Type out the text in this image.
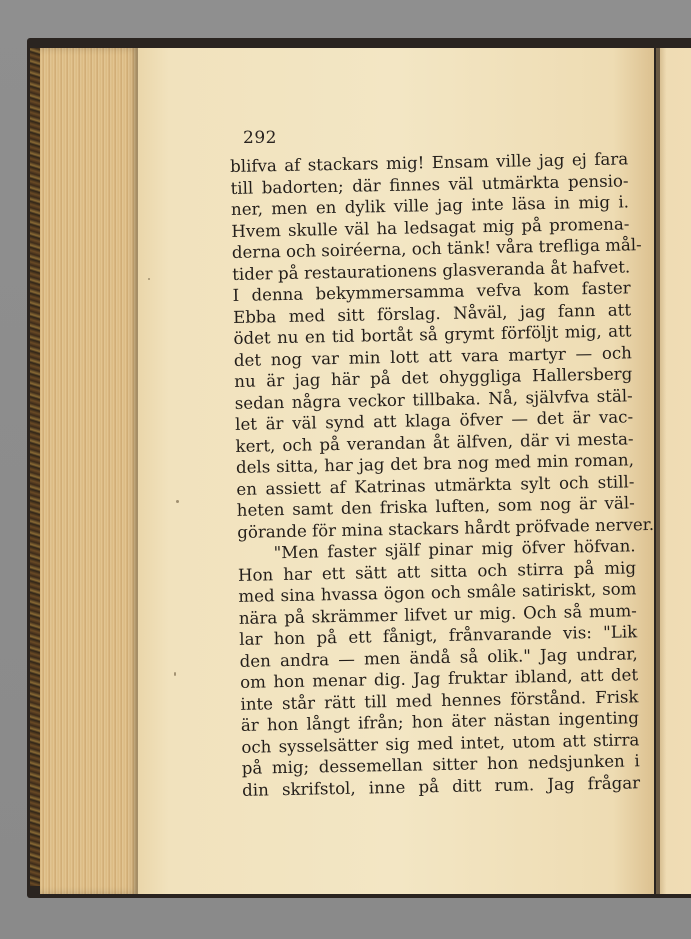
292
blifva af stackars mig! Ensam ville jag ej fara
till badorten; där finnes väl utmärkta pensio-
ner, men en dylik ville jag inte läsa in mig i.
Hvem skulle väl ha ledsagat mig på promena-
derna och soiréerna, och tänk! våra trefliga mål-
tider på restaurationens glasveranda åt hafvet.
I denna bekymmersamma vefva kom faster
Ebba med sitt förslag. Nåväl, jag fann att
ödet nu en tid bortåt så grymt förföljt mig, att
det nog var min lott att vara martyr — och
nu är jag här på det ohyggliga Hallersberg
sedan några veckor tillbaka. Nå, självfva stäl-
let är väl synd att klaga öfver — det är vac-
kert, och på verandan åt älfven, där vi mesta-
dels sitta, har jag det bra nog med min roman,
en assiett af Katrinas utmärkta sylt och still-
heten samt den friska luften, som nog är väl-
görande för mina stackars hårdt pröfvade nerver.
"Men faster själf pinar mig öfver höfvan.
Hon har ett sätt att sitta och stirra på mig
med sina hvassa ögon och smâle satiriskt, som
nära på skrämmer lifvet ur mig. Och så mum-
lar hon på ett fånigt, frånvarande vis: "Lik
den andra — men ändå så olik." Jag undrar,
om hon menar dig. Jag fruktar ibland, att det
inte står rätt till med hennes förstånd. Frisk
är hon långt ifrån; hon äter nästan ingenting
och sysselsätter sig med intet, utom att stirra
på mig; dessemellan sitter hon nedsjunken i
din skrifstol, inne på ditt rum. Jag frågar
